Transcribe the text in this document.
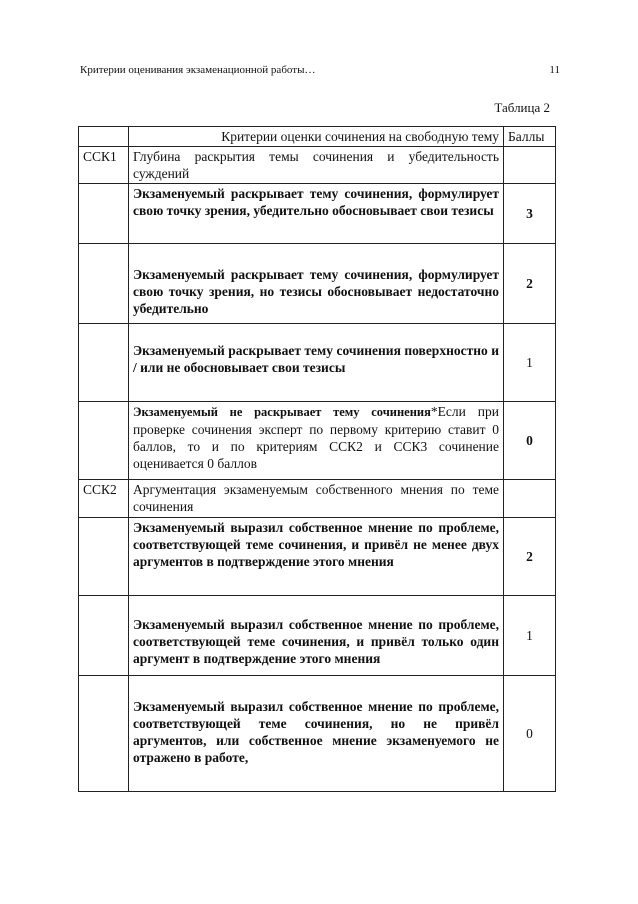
Критерии оценивания экзаменационной работы…	11
Таблица 2
	Критерии оценки сочинения на свободную тему	Баллы
ССК1	Глубина раскрытия темы сочинения и убедительность суждений	
	Экзаменуемый раскрывает тему сочинения, формулирует свою точку зрения, убедительно обосновывает свои тезисы	3
	Экзаменуемый раскрывает тему сочинения, формулирует свою точку зрения, но тезисы обосновывает недостаточно убедительно	2
	Экзаменуемый раскрывает тему сочинения поверхностно и / или не обосновывает свои тезисы	1
	Экзаменуемый не раскрывает тему сочинения*Если при проверке сочинения эксперт по первому критерию ставит 0 баллов, то и по критериям ССК2 и ССК3 сочинение оценивается 0 баллов	0
ССК2	Аргументация экзаменуемым собственного мнения по теме сочинения	
	Экзаменуемый выразил собственное мнение по проблеме, соответствующей теме сочинения, и привёл не менее двух аргументов в подтверждение этого мнения	2
	Экзаменуемый выразил собственное мнение по проблеме, соответствующей теме сочинения, и привёл только один аргумент в подтверждение этого мнения	1
	Экзаменуемый выразил собственное мнение по проблеме, соответствующей теме сочинения, но не привёл аргументов, или собственное мнение экзаменуемого не отражено в работе,	0
